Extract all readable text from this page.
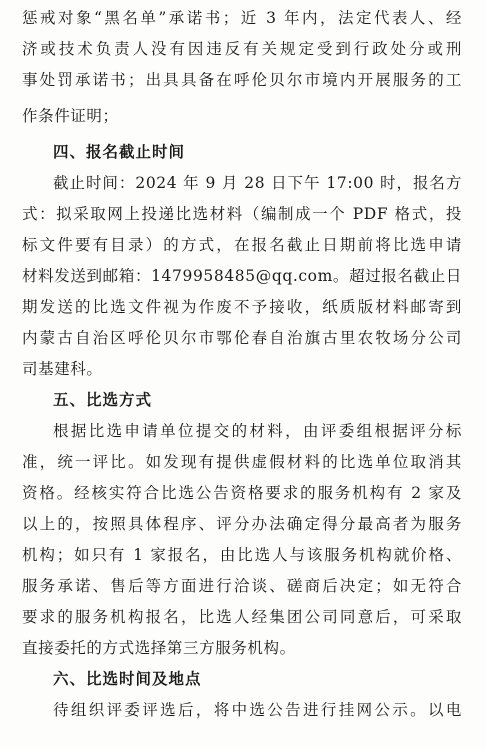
惩戒对象“黑名单”承诺书；近 3 年内，法定代表人、经
济或技术负责人没有因违反有关规定受到行政处分或刑
事处罚承诺书；出具具备在呼伦贝尔市境内开展服务的工
作条件证明；
四、报名截止时间
截止时间：2024 年 9 月 28 日下午 17:00 时，报名方
式：拟采取网上投递比选材料（编制成一个 PDF 格式，投
标文件要有目录）的方式，在报名截止日期前将比选申请
材料发送到邮箱：1479958485@qq.com。超过报名截止日
期发送的比选文件视为作废不予接收，纸质版材料邮寄到
内蒙古自治区呼伦贝尔市鄂伦春自治旗古里农牧场分公司
司基建科。
五、比选方式
根据比选申请单位提交的材料，由评委组根据评分标
准，统一评比。如发现有提供虚假材料的比选单位取消其
资格。经核实符合比选公告资格要求的服务机构有 2 家及
以上的，按照具体程序、评分办法确定得分最高者为服务
机构；如只有 1 家报名，由比选人与该服务机构就价格、
服务承诺、售后等方面进行洽谈、磋商后决定；如无符合
要求的服务机构报名，比选人经集团公司同意后，可采取
直接委托的方式选择第三方服务机构。
六、比选时间及地点
待组织评委评选后，将中选公告进行挂网公示。以电
